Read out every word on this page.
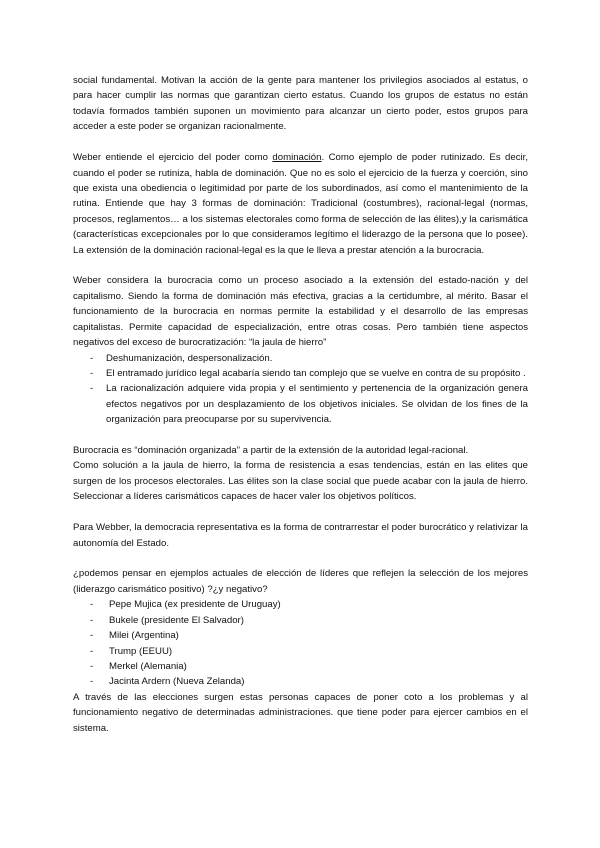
social fundamental. Motivan la acción de la gente para mantener los privilegios asociados al estatus, o para hacer cumplir las normas que garantizan cierto estatus. Cuando los grupos de estatus no están todavía formados también suponen un movimiento para alcanzar un cierto poder, estos grupos para acceder a este poder se organizan racionalmente.

Weber entiende el ejercicio del poder como dominación. Como ejemplo de poder rutinizado. Es decir, cuando el poder se rutiniza, habla de dominación. Que no es solo el ejercicio de la fuerza y coerción, sino que exista una obediencia o legitimidad por parte de los subordinados, así como el mantenimiento de la rutina. Entiende que hay 3 formas de dominación: Tradicional (costumbres), racional-legal (normas, procesos, reglamentos… a los sistemas electorales como forma de selección de las élites),y la carismática (características excepcionales por lo que consideramos legítimo el liderazgo de la persona que lo posee). La extensión de la dominación racional-legal es la que le lleva a prestar atención a la burocracia.

Weber considera la burocracia como un proceso asociado a la extensión del estado-nación y del capitalismo. Siendo la forma de dominación más efectiva, gracias a la certidumbre, al mérito. Basar el funcionamiento de la burocracia en normas permite la estabilidad y el desarrollo de las empresas capitalistas. Permite capacidad de especialización, entre otras cosas. Pero también tiene aspectos negativos del exceso de burocratización: “la jaula de hierro”

- Deshumanización, despersonalización.
- El entramado jurídico legal acabaría siendo tan complejo que se vuelve en contra de su propósito .
- La racionalización adquiere vida propia y el sentimiento y pertenencia de la organización genera efectos negativos por un desplazamiento de los objetivos iniciales. Se olvidan de los fines de la organización para preocuparse por su supervivencia.

Burocracia es “dominación organizada” a partir de la extensión de la autoridad legal-racional.

Como solución a la jaula de hierro, la forma de resistencia a esas tendencias, están en las elites que surgen de los procesos electorales. Las élites son la clase social que puede acabar con la jaula de hierro. Seleccionar a líderes carismáticos capaces de hacer valer los objetivos políticos.

Para Webber, la democracia representativa es la forma de contrarrestar el poder burocrático y relativizar la autonomía del Estado.

¿podemos pensar en ejemplos actuales de elección de líderes que reflejen la selección de los mejores (liderazgo carismático positivo) ?¿y negativo?

- Pepe Mujica (ex presidente de Uruguay)
- Bukele (presidente El Salvador)
- Milei (Argentina)
- Trump (EEUU)
- Merkel (Alemania)
- Jacinta Ardern (Nueva Zelanda)

A través de las elecciones surgen estas personas capaces de poner coto a los problemas y al funcionamiento negativo de determinadas administraciones. que tiene poder para ejercer cambios en el sistema.
